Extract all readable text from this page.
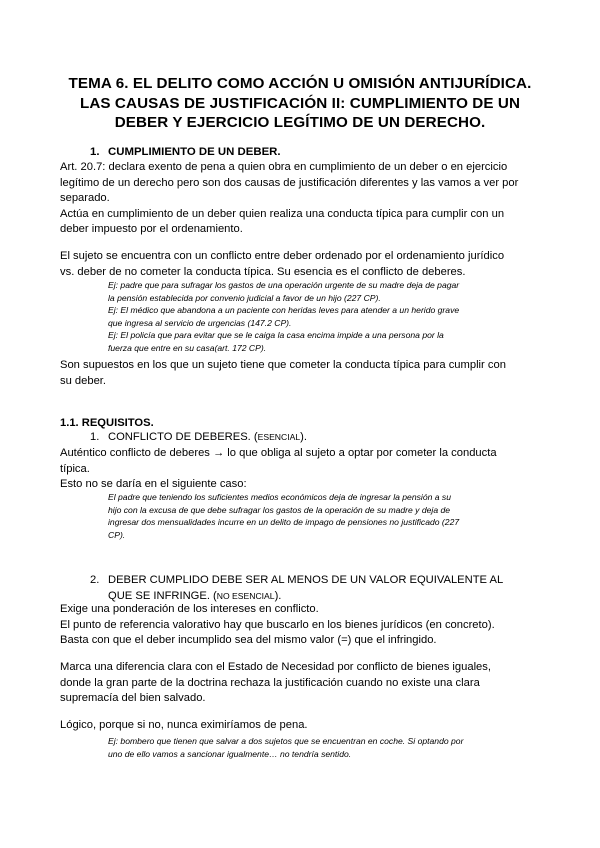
TEMA 6. EL DELITO COMO ACCIÓN U OMISIÓN ANTIJURÍDICA.
LAS CAUSAS DE JUSTIFICACIÓN II: CUMPLIMIENTO DE UN
DEBER Y EJERCICIO LEGÍTIMO DE UN DERECHO.
1. CUMPLIMIENTO DE UN DEBER.
Art. 20.7: declara exento de pena a quien obra en cumplimiento de un deber o en ejercicio
legítimo de un derecho pero son dos causas de justificación diferentes y las vamos a ver por
separado.
Actúa en cumplimiento de un deber quien realiza una conducta típica para cumplir con un
deber impuesto por el ordenamiento.
El sujeto se encuentra con un conflicto entre deber ordenado por el ordenamiento jurídico
vs. deber de no cometer la conducta típica. Su esencia es el conflicto de deberes.
Ej: padre que para sufragar los gastos de una operación urgente de su madre deja de pagar
la pensión establecida por convenio judicial a favor de un hijo (227 CP).
Ej: El médico que abandona a un paciente con heridas leves para atender a un herido grave
que ingresa al servicio de urgencias (147.2 CP).
Ej: El policía que para evitar que se le caiga la casa encima impide a una persona por la
fuerza que entre en su casa(art. 172 CP).
Son supuestos en los que un sujeto tiene que cometer la conducta típica para cumplir con
su deber.
1.1. REQUISITOS.
1. CONFLICTO DE DEBERES. (ESENCIAL).
Auténtico conflicto de deberes → lo que obliga al sujeto a optar por cometer la conducta
típica.
Esto no se daría en el siguiente caso:
El padre que teniendo los suficientes medios económicos deja de ingresar la pensión a su
hijo con la excusa de que debe sufragar los gastos de la operación de su madre y deja de
ingresar dos mensualidades incurre en un delito de impago de pensiones no justificado (227
CP).
2. DEBER CUMPLIDO DEBE SER AL MENOS DE UN VALOR EQUIVALENTE AL
QUE SE INFRINGE. (NO ESENCIAL).
Exige una ponderación de los intereses en conflicto.
El punto de referencia valorativo hay que buscarlo en los bienes jurídicos (en concreto).
Basta con que el deber incumplido sea del mismo valor (=) que el infringido.
Marca una diferencia clara con el Estado de Necesidad por conflicto de bienes iguales,
donde la gran parte de la doctrina rechaza la justificación cuando no existe una clara
supremacía del bien salvado.
Lógico, porque si no, nunca eximiríamos de pena.
Ej: bombero que tienen que salvar a dos sujetos que se encuentran en coche. Si optando por
uno de ello vamos a sancionar igualmente… no tendría sentido.
